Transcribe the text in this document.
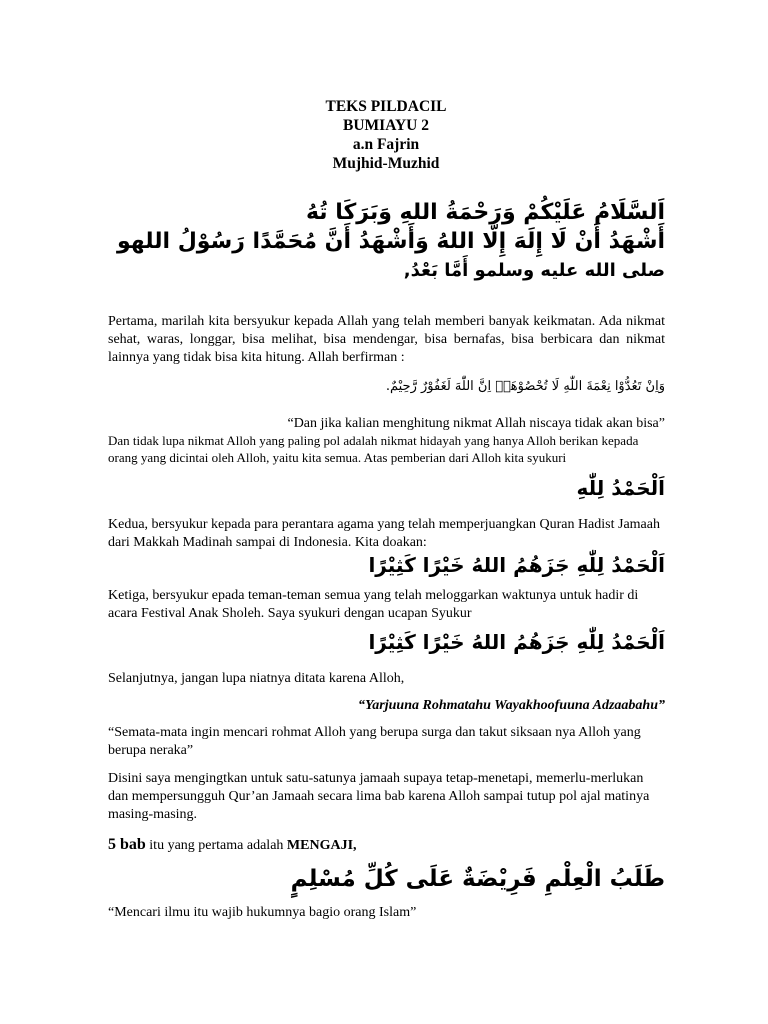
TEKS PILDACIL
BUMIAYU 2
a.n Fajrin
Mujhid-Muzhid
اَلسَّلَامُ عَلَيْكُمْ وَرَحْمَةُ اللهِ وَبَرَكَا تُهُ
أَشْهَدُ أَنْ لَا إِلَهَ إِلَّا اللهُ وَأَشْهَدُ أَنَّ مُحَمَّدًا رَسُوْلُ اللهو
صلى الله عليه وسلمو أَمَّا بَعْدُ,
Pertama, marilah kita bersyukur kepada Allah yang telah memberi banyak keikmatan. Ada nikmat sehat, waras, longgar, bisa melihat, bisa mendengar, bisa bernafas, bisa berbicara dan nikmat lainnya yang tidak bisa kita hitung. Allah berfirman :
وَاِنْ تَعُدُّوْا نِعْمَةَ اللّٰهِ لَا تُحْصُوْهَاۗ اِنَّ اللّٰهَ لَغَفُوْرٌ رَّحِيْمٌ.
“Dan jika kalian menghitung nikmat Allah niscaya tidak akan bisa”
Dan tidak lupa nikmat Alloh yang paling pol adalah nikmat hidayah yang hanya Alloh berikan kepada orang yang dicintai oleh Alloh, yaitu kita semua. Atas pemberian dari Alloh kita syukuri
اَلْحَمْدُ لِلّٰهِ
Kedua, bersyukur kepada para perantara agama yang telah memperjuangkan Quran Hadist Jamaah dari Makkah Madinah sampai di Indonesia. Kita doakan:
اَلْحَمْدُ لِلّٰهِ جَزَهُمُ اللهُ خَيْرًا كَثِيْرًا
Ketiga, bersyukur epada teman-teman semua yang telah meloggarkan waktunya untuk hadir di acara Festival Anak Sholeh. Saya syukuri dengan ucapan Syukur
اَلْحَمْدُ لِلّٰهِ جَزَهُمُ اللهُ خَيْرًا كَثِيْرًا
Selanjutnya, jangan lupa niatnya ditata karena Alloh,
“Yarjuuna Rohmatahu Wayakhoofuuna Adzaabahu”
“Semata-mata ingin mencari rohmat Alloh yang berupa surga dan takut siksaan nya Alloh yang berupa neraka”
Disini saya mengingtkan untuk satu-satunya jamaah supaya tetap-menetapi, memerlu-merlukan dan mempersungguh Qur’an Jamaah secara lima bab karena Alloh sampai tutup pol ajal matinya masing-masing.
5 bab itu yang pertama adalah MENGAJI,
طَلَبُ الْعِلْمِ فَرِيْضَةٌ عَلَى كُلِّ مُسْلِمٍ
“Mencari ilmu itu wajib hukumnya bagio orang Islam”
